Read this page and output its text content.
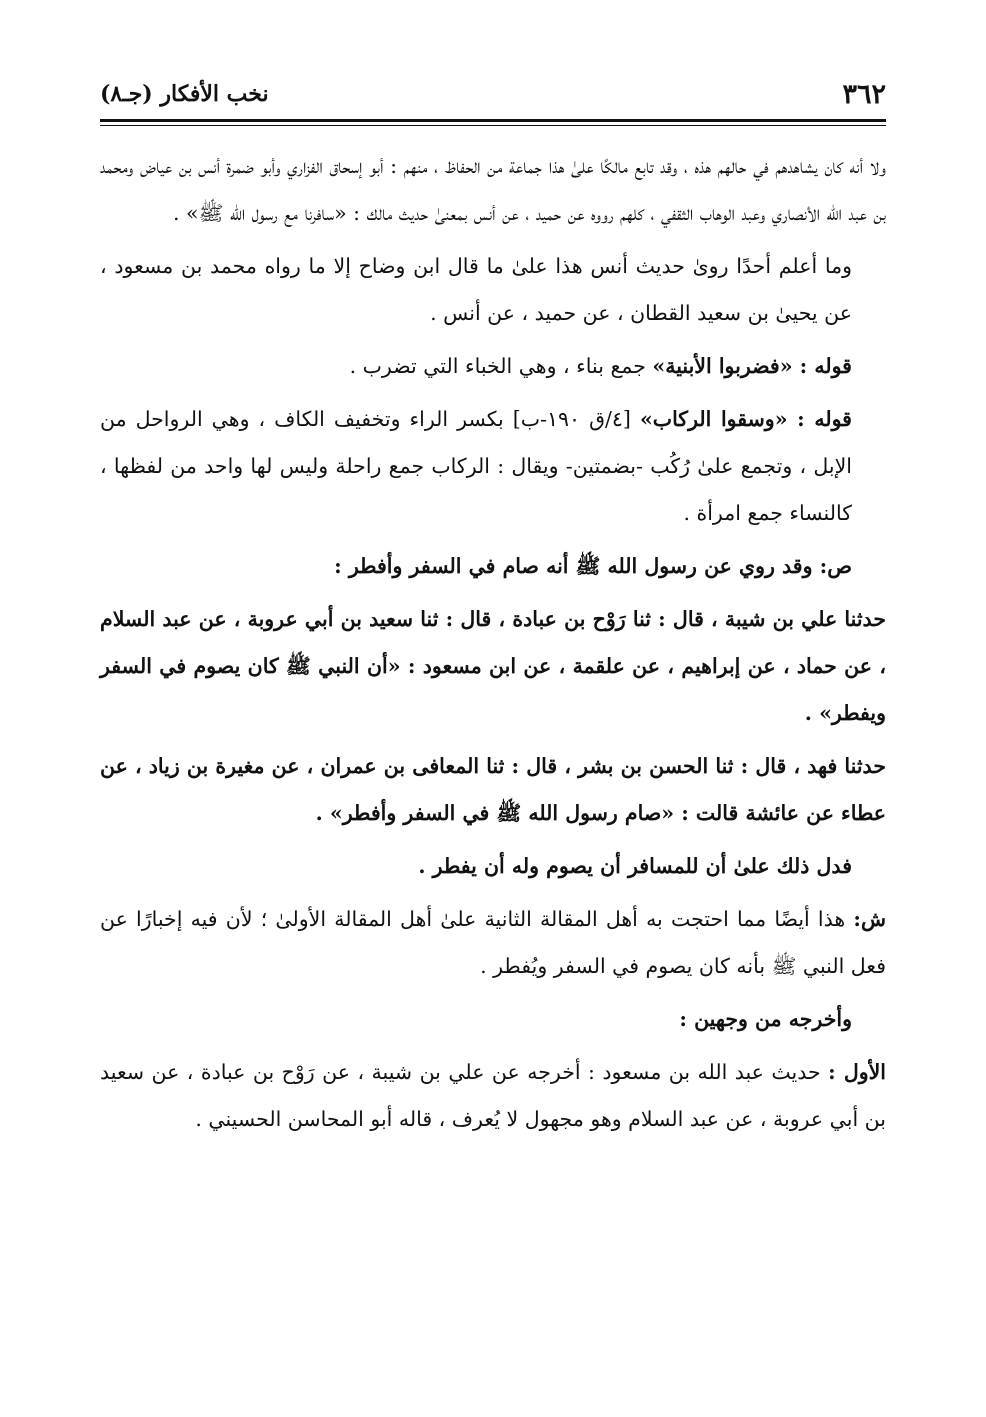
٣٦٢
نخب الأفكار (جـ٨)

ولا أنه كان يشاهدهم في حالهم هذه ، وقد تابع مالكًا علىٰ هذا جماعة من الحفاظ ، منهم : أبو إسحاق الفزاري وأبو ضمرة أنس بن عياض ومحمد بن عبد الله الأنصاري وعبد الوهاب الثقفي ، كلهم رووه عن حميد ، عن أنس بمعنىٰ حديث مالك : «سافرنا مع رسول الله ﷺ» .

وما أعلم أحدًا روىٰ حديث أنس هذا علىٰ ما قال ابن وضاح إلا ما رواه محمد بن مسعود ، عن يحيىٰ بن سعيد القطان ، عن حميد ، عن أنس .

قوله : «فضربوا الأبنية» جمع بناء ، وهي الخباء التي تضرب .

قوله : «وسقوا الركاب» [٤/ق ١٩٠-ب] بكسر الراء وتخفيف الكاف ، وهي الرواحل من الإبل ، وتجمع علىٰ رُكُب -بضمتين- ويقال : الركاب جمع راحلة وليس لها واحد من لفظها ، كالنساء جمع امرأة .

ص: وقد روي عن رسول الله ﷺ أنه صام في السفر وأفطر :

حدثنا علي بن شيبة ، قال : ثنا رَوْح بن عبادة ، قال : ثنا سعيد بن أبي عروبة ، عن عبد السلام ، عن حماد ، عن إبراهيم ، عن علقمة ، عن ابن مسعود : «أن النبي ﷺ كان يصوم في السفر ويفطر» .

حدثنا فهد ، قال : ثنا الحسن بن بشر ، قال : ثنا المعافى بن عمران ، عن مغيرة بن زياد ، عن عطاء عن عائشة قالت : «صام رسول الله ﷺ في السفر وأفطر» .

فدل ذلك علىٰ أن للمسافر أن يصوم وله أن يفطر .

ش: هذا أيضًا مما احتجت به أهل المقالة الثانية علىٰ أهل المقالة الأولىٰ ؛ لأن فيه إخبارًا عن فعل النبي ﷺ بأنه كان يصوم في السفر ويُفطر .

وأخرجه من وجهين :

الأول : حديث عبد الله بن مسعود : أخرجه عن علي بن شيبة ، عن رَوْح بن عبادة ، عن سعيد بن أبي عروبة ، عن عبد السلام وهو مجهول لا يُعرف ، قاله أبو المحاسن الحسيني .
